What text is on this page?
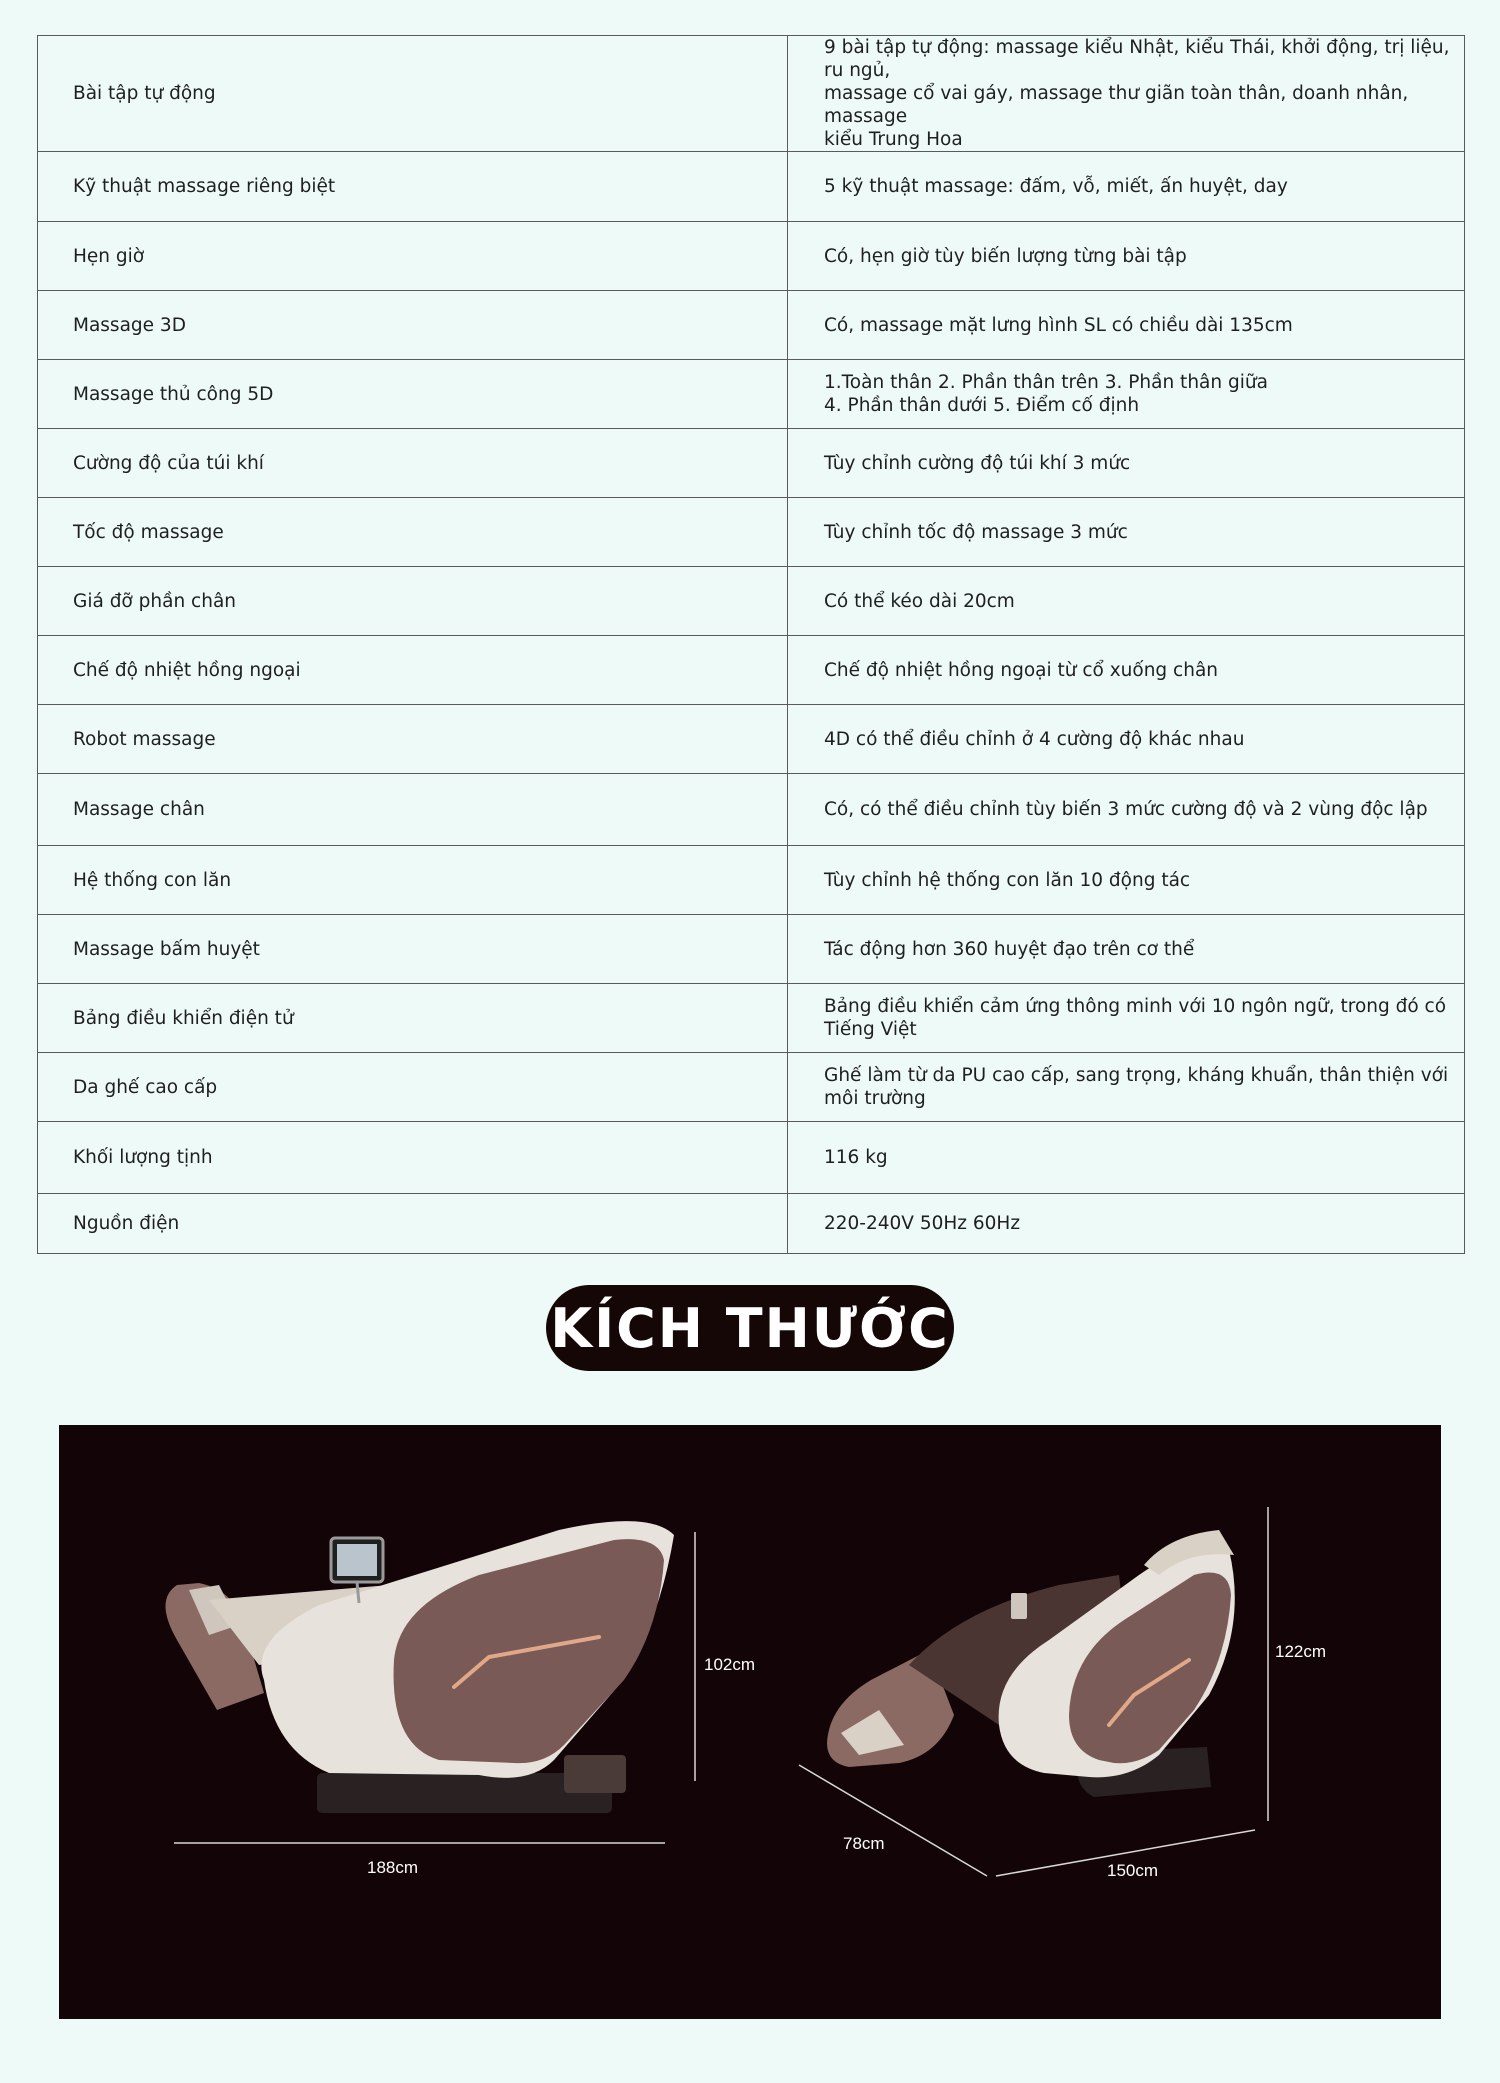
Bài tập tự động	9 bài tập tự động: massage kiểu Nhật, kiểu Thái, khởi động, trị liệu, ru ngủ,
massage cổ vai gáy, massage thư giãn toàn thân, doanh nhân, massage
kiểu Trung Hoa

Kỹ thuật massage riêng biệt	5 kỹ thuật massage: đấm, vỗ, miết, ấn huyệt, day

Hẹn giờ	Có, hẹn giờ tùy biến lượng từng bài tập

Massage 3D	Có, massage mặt lưng hình SL có chiều dài 135cm

Massage thủ công 5D	1.Toàn thân 2. Phần thân trên 3. Phần thân giữa
4. Phần thân dưới 5. Điểm cố định

Cường độ của túi khí	Tùy chỉnh cường độ túi khí 3 mức

Tốc độ massage	Tùy chỉnh tốc độ massage 3 mức

Giá đỡ phần chân	Có thể kéo dài 20cm

Chế độ nhiệt hồng ngoại	Chế độ nhiệt hồng ngoại từ cổ xuống chân

Robot massage	4D có thể điều chỉnh ở 4 cường độ khác nhau

Massage chân	Có, có thể điều chỉnh tùy biến 3 mức cường độ và 2 vùng độc lập

Hệ thống con lăn	Tùy chỉnh hệ thống con lăn 10 động tác

Massage bấm huyệt	Tác động hơn 360 huyệt đạo trên cơ thể

Bảng điều khiển điện tử	Bảng điều khiển cảm ứng thông minh với 10 ngôn ngữ, trong đó có Tiếng Việt

Da ghế cao cấp	Ghế làm từ da PU cao cấp, sang trọng, kháng khuẩn, thân thiện với môi trường

Khối lượng tịnh	116 kg

Nguồn điện	220-240V 50Hz 60Hz
KÍCH THƯỚC
102cm
188cm
122cm
78cm
150cm
